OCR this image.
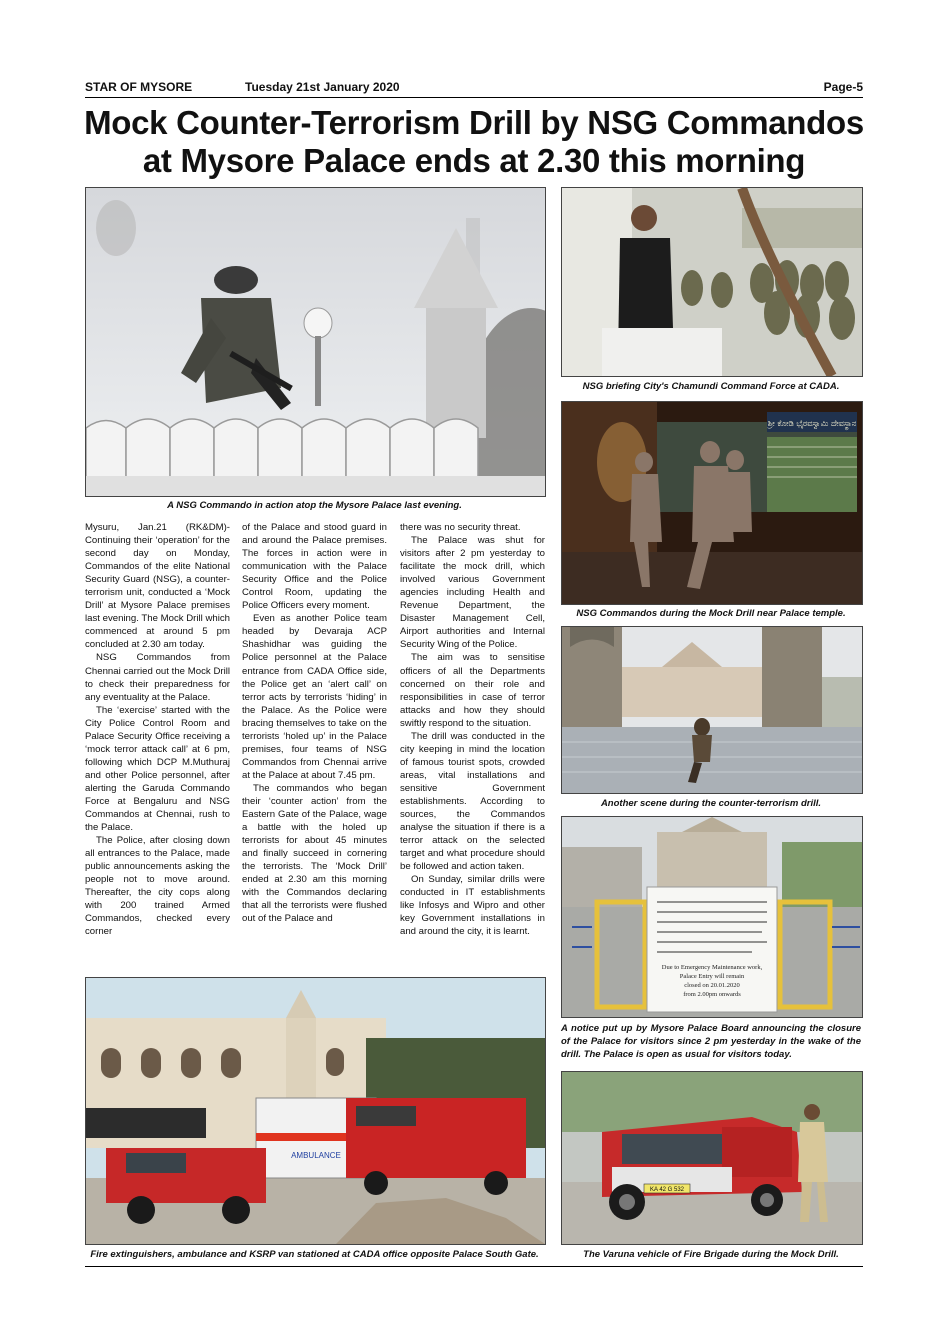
STAR OF MYSORE	Tuesday 21st January 2020	Page-5
Mock Counter-Terrorism Drill by NSG Commandos
at Mysore Palace ends at 2.30 this morning
A NSG Commando in action atop the Mysore Palace last evening.
NSG briefing City's Chamundi Command Force at CADA.
ಶ್ರೀ ಕೋಡಿ ಭೈರವಸ್ವಾಮಿ ದೇವಸ್ಥಾನ
NSG Commandos during the Mock Drill near Palace temple.
Another scene during the counter-terrorism drill.
Due to Emergency Maintenance work,
Palace Entry will remain
closed on 20.01.2020
from 2.00pm onwards
A notice put up by Mysore Palace Board announcing the closure of the Palace for visitors since 2 pm yesterday in the wake of the drill. The Palace is open as usual for visitors today.
KA 42 G 532
The Varuna vehicle of Fire Brigade during the Mock Drill.

Mysuru, Jan.21 (RK&DM)- Continuing their ‘operation’ for the second day on Monday, Commandos of the elite National Security Guard (NSG), a counter-terrorism unit, conducted a ‘Mock Drill’ at Mysore Palace premises last evening. The Mock Drill which commenced at around 5 pm concluded at 2.30 am today.

NSG Commandos from Chennai carried out the Mock Drill to check their preparedness for any eventuality at the Palace.

The ‘exercise’ started with the City Police Control Room and Palace Security Office receiving a ‘mock terror attack call’ at 6 pm, following which DCP M.Muthuraj and other Police personnel, after alerting the Garuda Commando Force at Bengaluru and NSG Commandos at Chennai, rush to the Palace.

The Police, after closing down all entrances to the Palace, made public announcements asking the people not to move around. Thereafter, the city cops along with 200 trained Armed Commandos, checked every corner

of the Palace and stood guard in and around the Palace premises. The forces in action were in communication with the Palace Security Office and the Police Control Room, updating the Police Officers every moment.

Even as another Police team headed by Devaraja ACP Shashidhar was guiding the Police personnel at the Palace entrance from CADA Office side, the Police get an ‘alert call’ on terror acts by terrorists ‘hiding’ in the Palace. As the Police were bracing themselves to take on the terrorists ‘holed up’ in the Palace premises, four teams of NSG Commandos from Chennai arrive at the Palace at about 7.45 pm.

The commandos who began their ‘counter action’ from the Eastern Gate of the Palace, wage a battle with the holed up terrorists for about 45 minutes and finally succeed in cornering the terrorists. The ‘Mock Drill’ ended at 2.30 am this morning with the Commandos declaring that all the terrorists were flushed out of the Palace and

there was no security threat.

The Palace was shut for visitors after 2 pm yesterday to facilitate the mock drill, which involved various Government agencies including Health and Revenue Department, the Disaster Management Cell, Airport authorities and Internal Security Wing of the Police.

The aim was to sensitise officers of all the Departments concerned on their role and responsibilities in case of terror attacks and how they should swiftly respond to the situation.

The drill was conducted in the city keeping in mind the location of famous tourist spots, crowded areas, vital installations and sensitive Government establishments. According to sources, the Commandos analyse the situation if there is a terror attack on the selected target and what procedure should be followed and action taken.

On Sunday, similar drills were conducted in IT establishments like Infosys and Wipro and other key Government installations in and around the city, it is learnt.

AMBULANCE
Fire extinguishers, ambulance and KSRP van stationed at CADA office opposite Palace South Gate.
